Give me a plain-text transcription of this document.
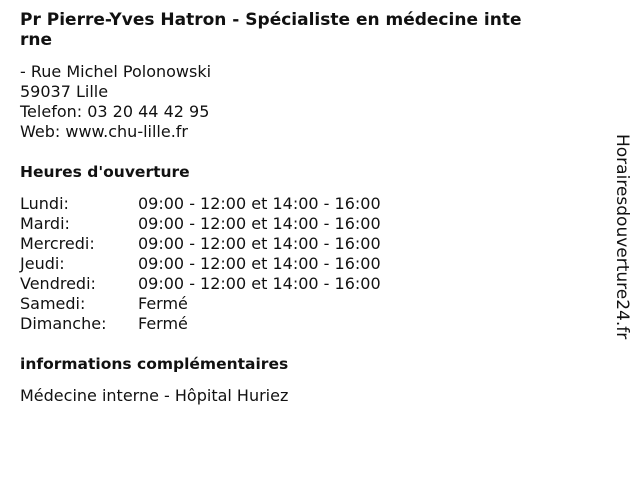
Pr Pierre-Yves Hatron - Spécialiste en médecine inte
rne
- Rue Michel Polonowski
59037 Lille
Telefon: 03 20 44 42 95
Web: www.chu-lille.fr
Heures d'ouverture
Lundi:	09:00 - 12:00 et 14:00 - 16:00
Mardi:	09:00 - 12:00 et 14:00 - 16:00
Mercredi:	09:00 - 12:00 et 14:00 - 16:00
Jeudi:	09:00 - 12:00 et 14:00 - 16:00
Vendredi:	09:00 - 12:00 et 14:00 - 16:00
Samedi:	Fermé
Dimanche:	Fermé
informations complémentaires
Médecine interne - Hôpital Huriez
Horairesdouverture24.fr
